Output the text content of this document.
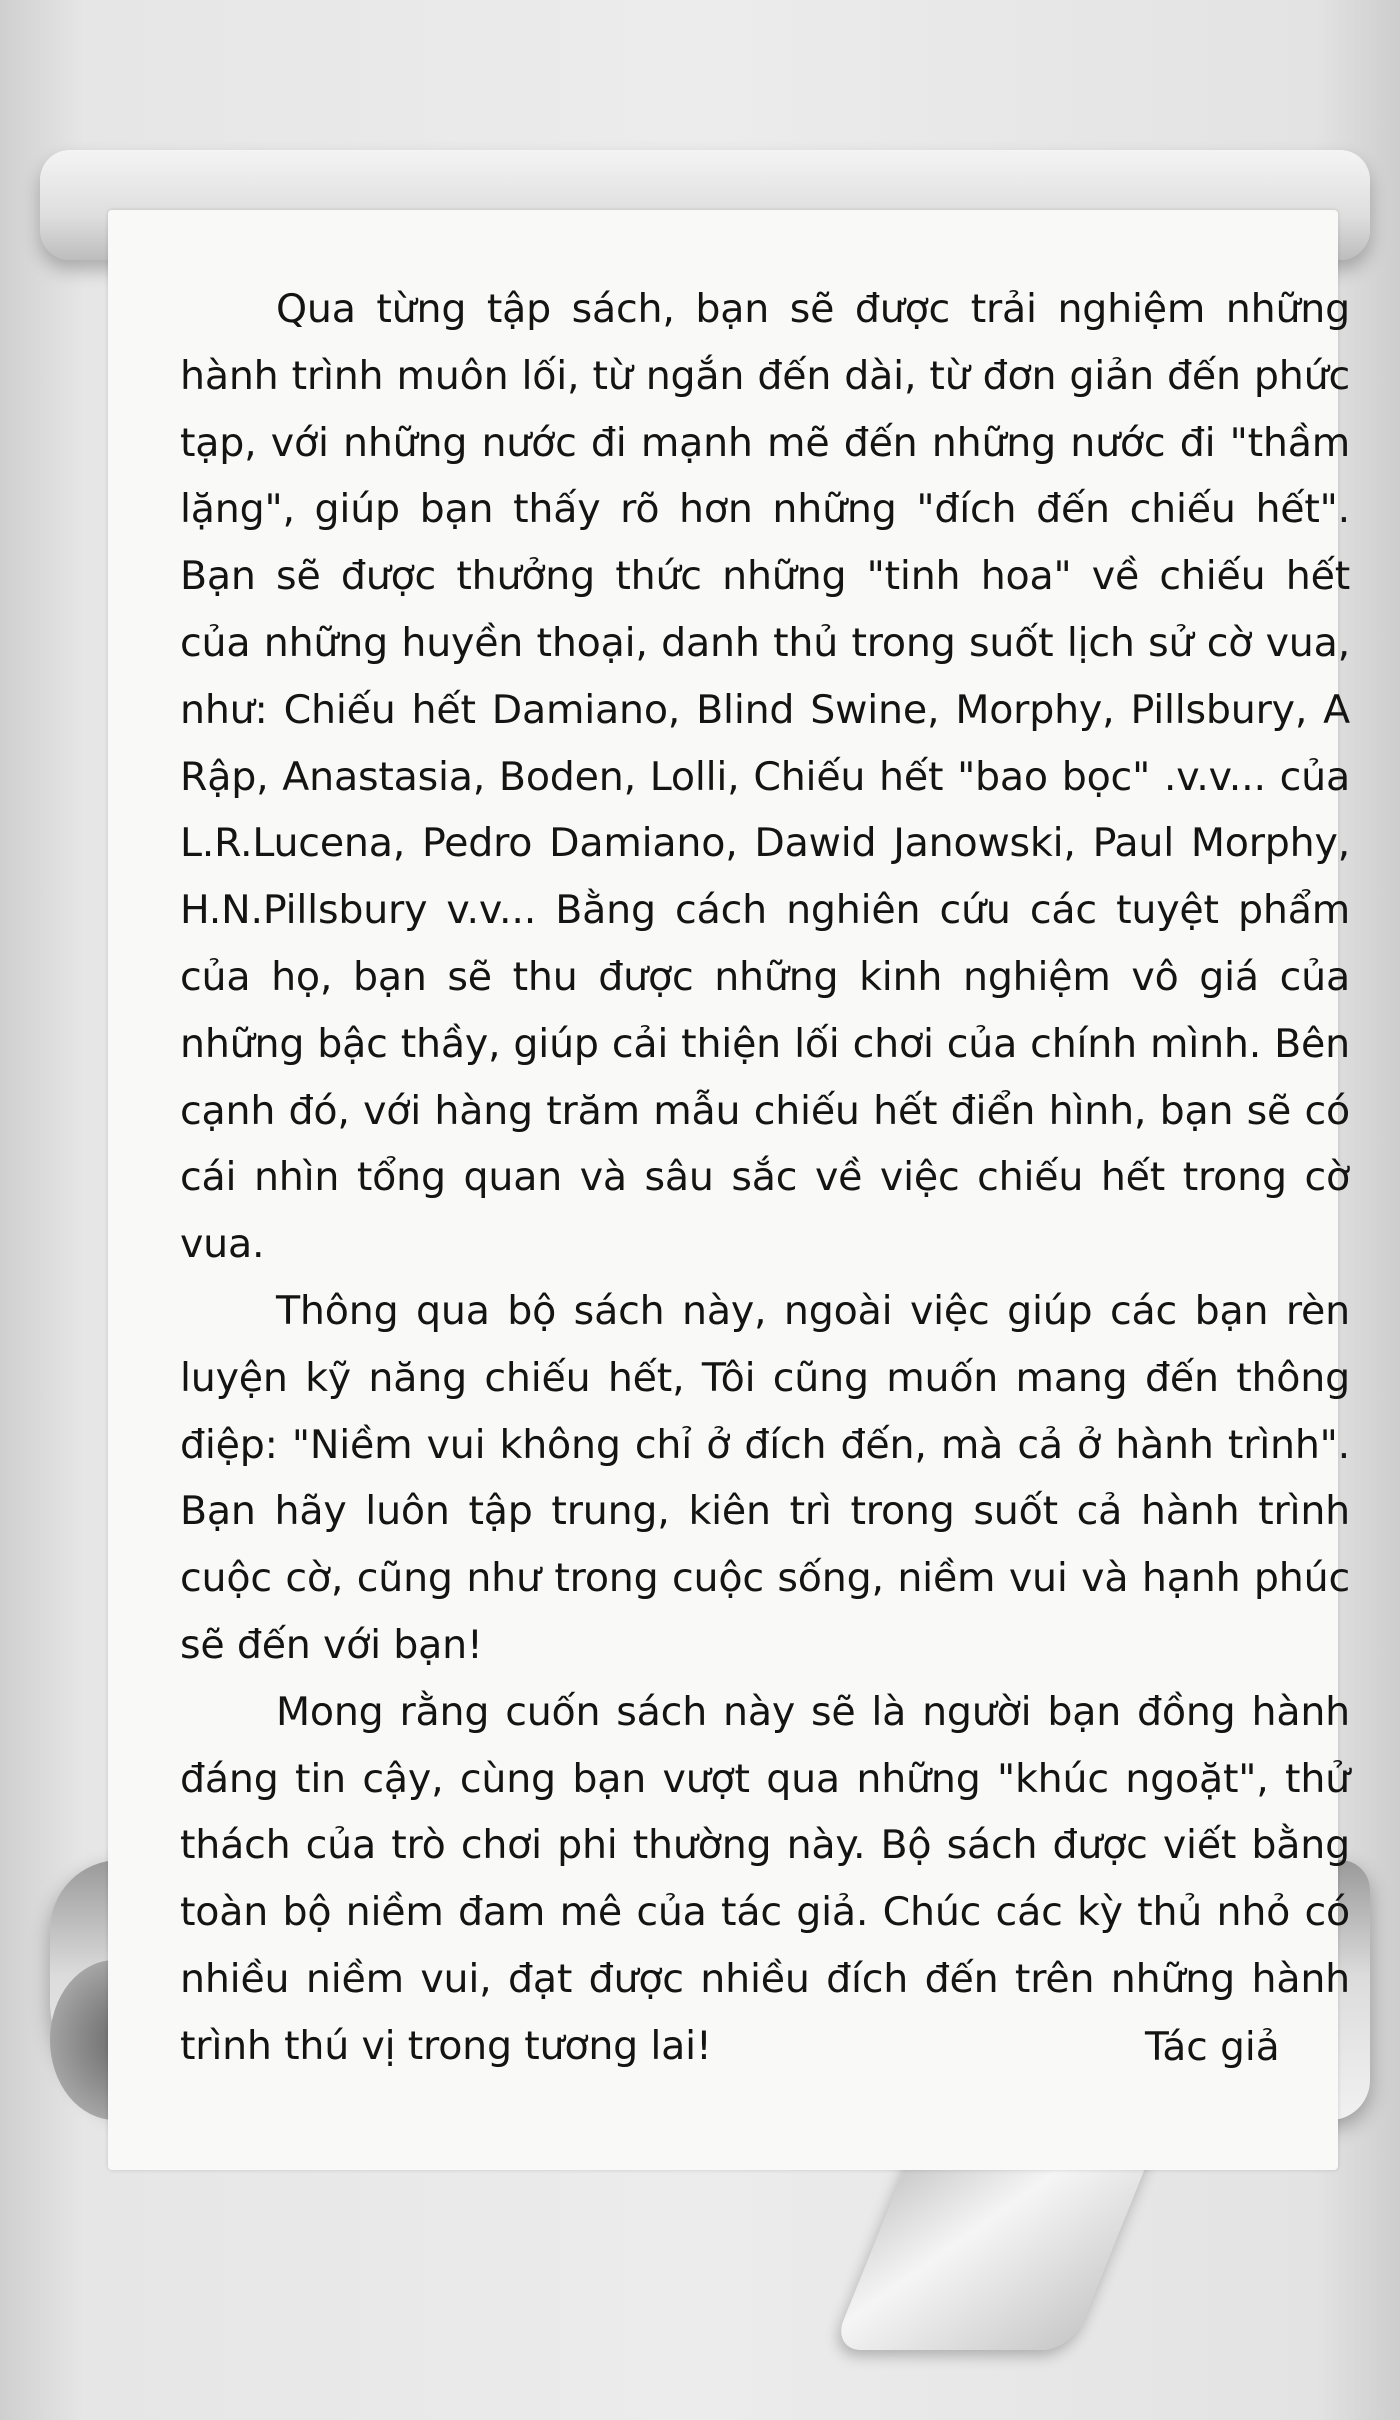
Qua từng tập sách, bạn sẽ được trải nghiệm những hành trình muôn lối, từ ngắn đến dài, từ đơn giản đến phức tạp, với những nước đi mạnh mẽ đến những nước đi "thầm lặng", giúp bạn thấy rõ hơn những "đích đến chiếu hết". Bạn sẽ được thưởng thức những "tinh hoa" về chiếu hết của những huyền thoại, danh thủ trong suốt lịch sử cờ vua, như: Chiếu hết Damiano, Blind Swine, Morphy, Pillsbury, A Rập, Anastasia, Boden, Lolli, Chiếu hết "bao bọc" .v.v... của L.R.Lucena, Pedro Damiano, Dawid Janowski, Paul Morphy, H.N.Pillsbury v.v... Bằng cách nghiên cứu các tuyệt phẩm của họ, bạn sẽ thu được những kinh nghiệm vô giá của những bậc thầy, giúp cải thiện lối chơi của chính mình. Bên cạnh đó, với hàng trăm mẫu chiếu hết điển hình, bạn sẽ có cái nhìn tổng quan và sâu sắc về việc chiếu hết trong cờ vua.

Thông qua bộ sách này, ngoài việc giúp các bạn rèn luyện kỹ năng chiếu hết, Tôi cũng muốn mang đến thông điệp: "Niềm vui không chỉ ở đích đến, mà cả ở hành trình". Bạn hãy luôn tập trung, kiên trì trong suốt cả hành trình cuộc cờ, cũng như trong cuộc sống, niềm vui và hạnh phúc sẽ đến với bạn!

Mong rằng cuốn sách này sẽ là người bạn đồng hành đáng tin cậy, cùng bạn vượt qua những "khúc ngoặt", thử thách của trò chơi phi thường này. Bộ sách được viết bằng toàn bộ niềm đam mê của tác giả. Chúc các kỳ thủ nhỏ có nhiều niềm vui, đạt được nhiều đích đến trên những hành trình thú vị trong tương lai!	Tác giả
